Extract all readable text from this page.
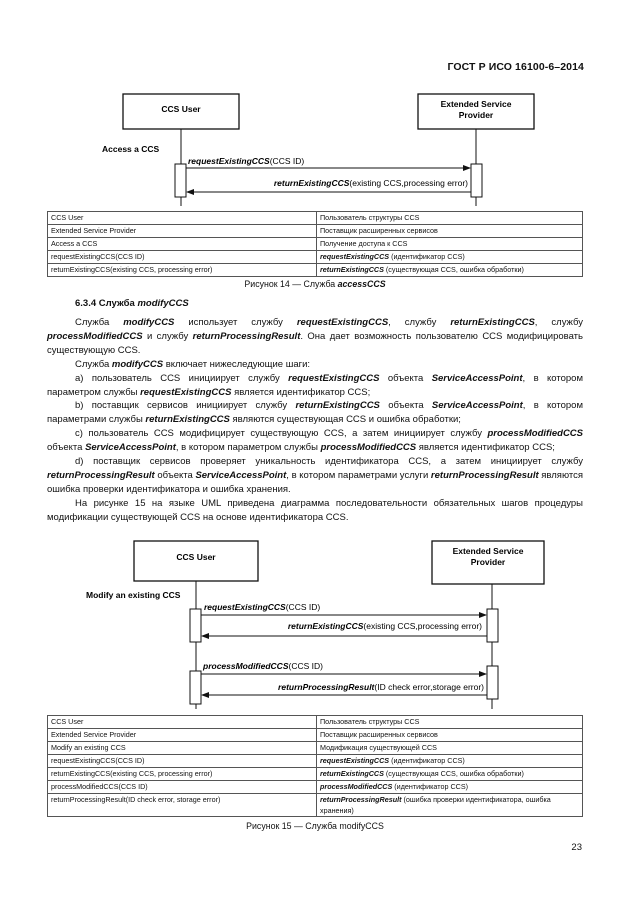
ГОСТ Р ИСО 16100-6–2014
CCS User	Extended Service
Provider
Access a CCS
requestExistingCCS(CCS ID)
returnExistingCCS(existing CCS,processing error)
CCS User	Пользователь структуры CCS
Extended Service Provider	Поставщик расширенных сервисов
Access a CCS	Получение доступа к CCS
requestExistingCCS(CCS ID)	requestExistingCCS (идентификатор CCS)
returnExistingCCS(existing CCS, processing error)	returnExistingCCS (существующая CCS, ошибка обработки)
Рисунок 14 — Служба accessCCS
6.3.4 Служба modifyCCS

Служба modifyCCS использует службу requestExistingCCS, службу returnExistingCCS, службу processModifiedCCS и службу returnProcessingResult. Она дает возможность пользователю CCS модифицировать существующую CCS.

Служба modifyCCS включает нижеследующие шаги:

а) пользователь CCS инициирует службу requestExistingCCS объекта ServiceAccessPoint, в котором параметром службы requestExistingCCS является идентификатор CCS;

b) поставщик сервисов инициирует службу returnExistingCCS объекта ServiceAccessPoint, в котором параметрами службы returnExistingCCS являются существующая CCS и ошибка обработки;

с) пользователь CCS модифицирует существующую CCS, а затем инициирует службу processModifiedCCS объекта ServiceAccessPoint, в котором параметром службы processModifiedCCS является идентификатор CCS;

d) поставщик сервисов проверяет уникальность идентификатора CCS, а затем инициирует службу returnProcessingResult объекта ServiceAccessPoint, в котором параметрами услуги returnProcessingResult являются ошибка проверки идентификатора и ошибка хранения.

На рисунке 15 на языке UML приведена диаграмма последовательности обязательных шагов процедуры модификации существующей CCS на основе идентификатора CCS.

CCS User
Extended Service
Provider
Modify an existing CCS
requestExistingCCS(CCS ID)
returnExistingCCS(existing CCS,processing error)
processModifiedCCS(CCS ID)
returnProcessingResult(ID check error,storage error)
CCS User	Пользователь структуры CCS
Extended Service Provider	Поставщик расширенных сервисов
Modify an existing CCS	Модификация существующей CCS
requestExistingCCS(CCS ID)	requestExistingCCS (идентификатор CCS)
returnExistingCCS(existing CCS, processing error)	returnExistingCCS (существующая CCS, ошибка обработки)
processModifiedCCS(CCS ID)	processModifiedCCS (идентификатор CCS)
returnProcessingResult(ID check error, storage error)	returnProcessingResult (ошибка проверки идентификатора, ошибка хранения)
Рисунок 15 — Служба modifyCCS
23
